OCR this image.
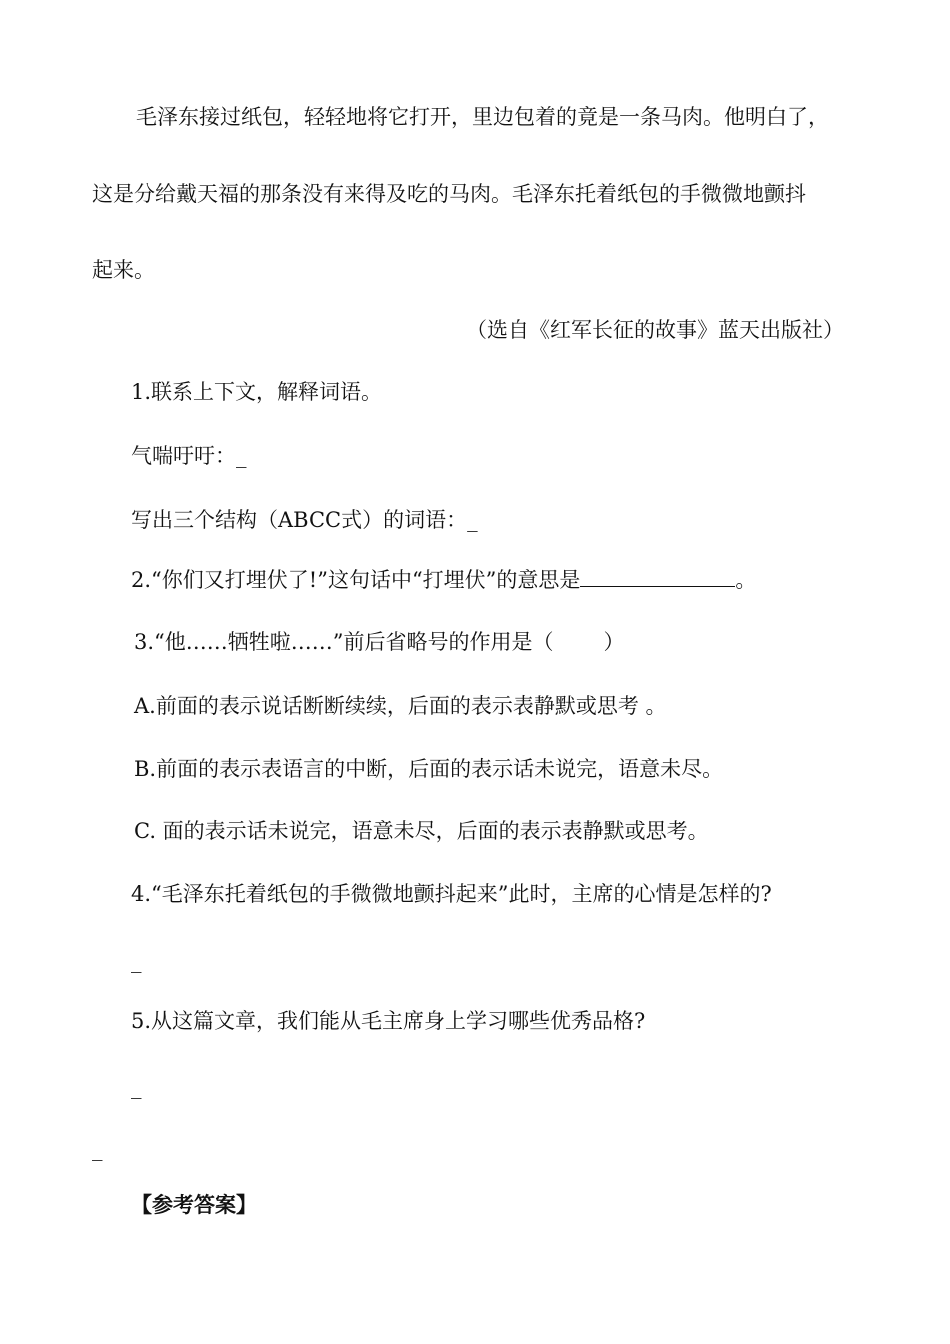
毛泽东接过纸包，轻轻地将它打开，里边包着的竟是一条马肉。他明白了，
这是分给戴天福的那条没有来得及吃的马肉。毛泽东托着纸包的手微微地颤抖
起来。
（选自《红军长征的故事》蓝天出版社）
1.联系上下文，解释词语。
气喘吁吁：_
写出三个结构（ABCC式）的词语：_
2.“你们又打埋伏了!”这句话中“打埋伏”的意思是	。
3.“他……牺牲啦……”前后省略号的作用是（ ）
A.前面的表示说话断断续续，后面的表示表静默或思考 。
B.前面的表示表语言的中断，后面的表示话未说完，语意未尽。
C. 面的表示话未说完，语意未尽，后面的表示表静默或思考。
4.“毛泽东托着纸包的手微微地颤抖起来”此时，主席的心情是怎样的?
_
5.从这篇文章，我们能从毛主席身上学习哪些优秀品格?
_
_
【参考答案】
